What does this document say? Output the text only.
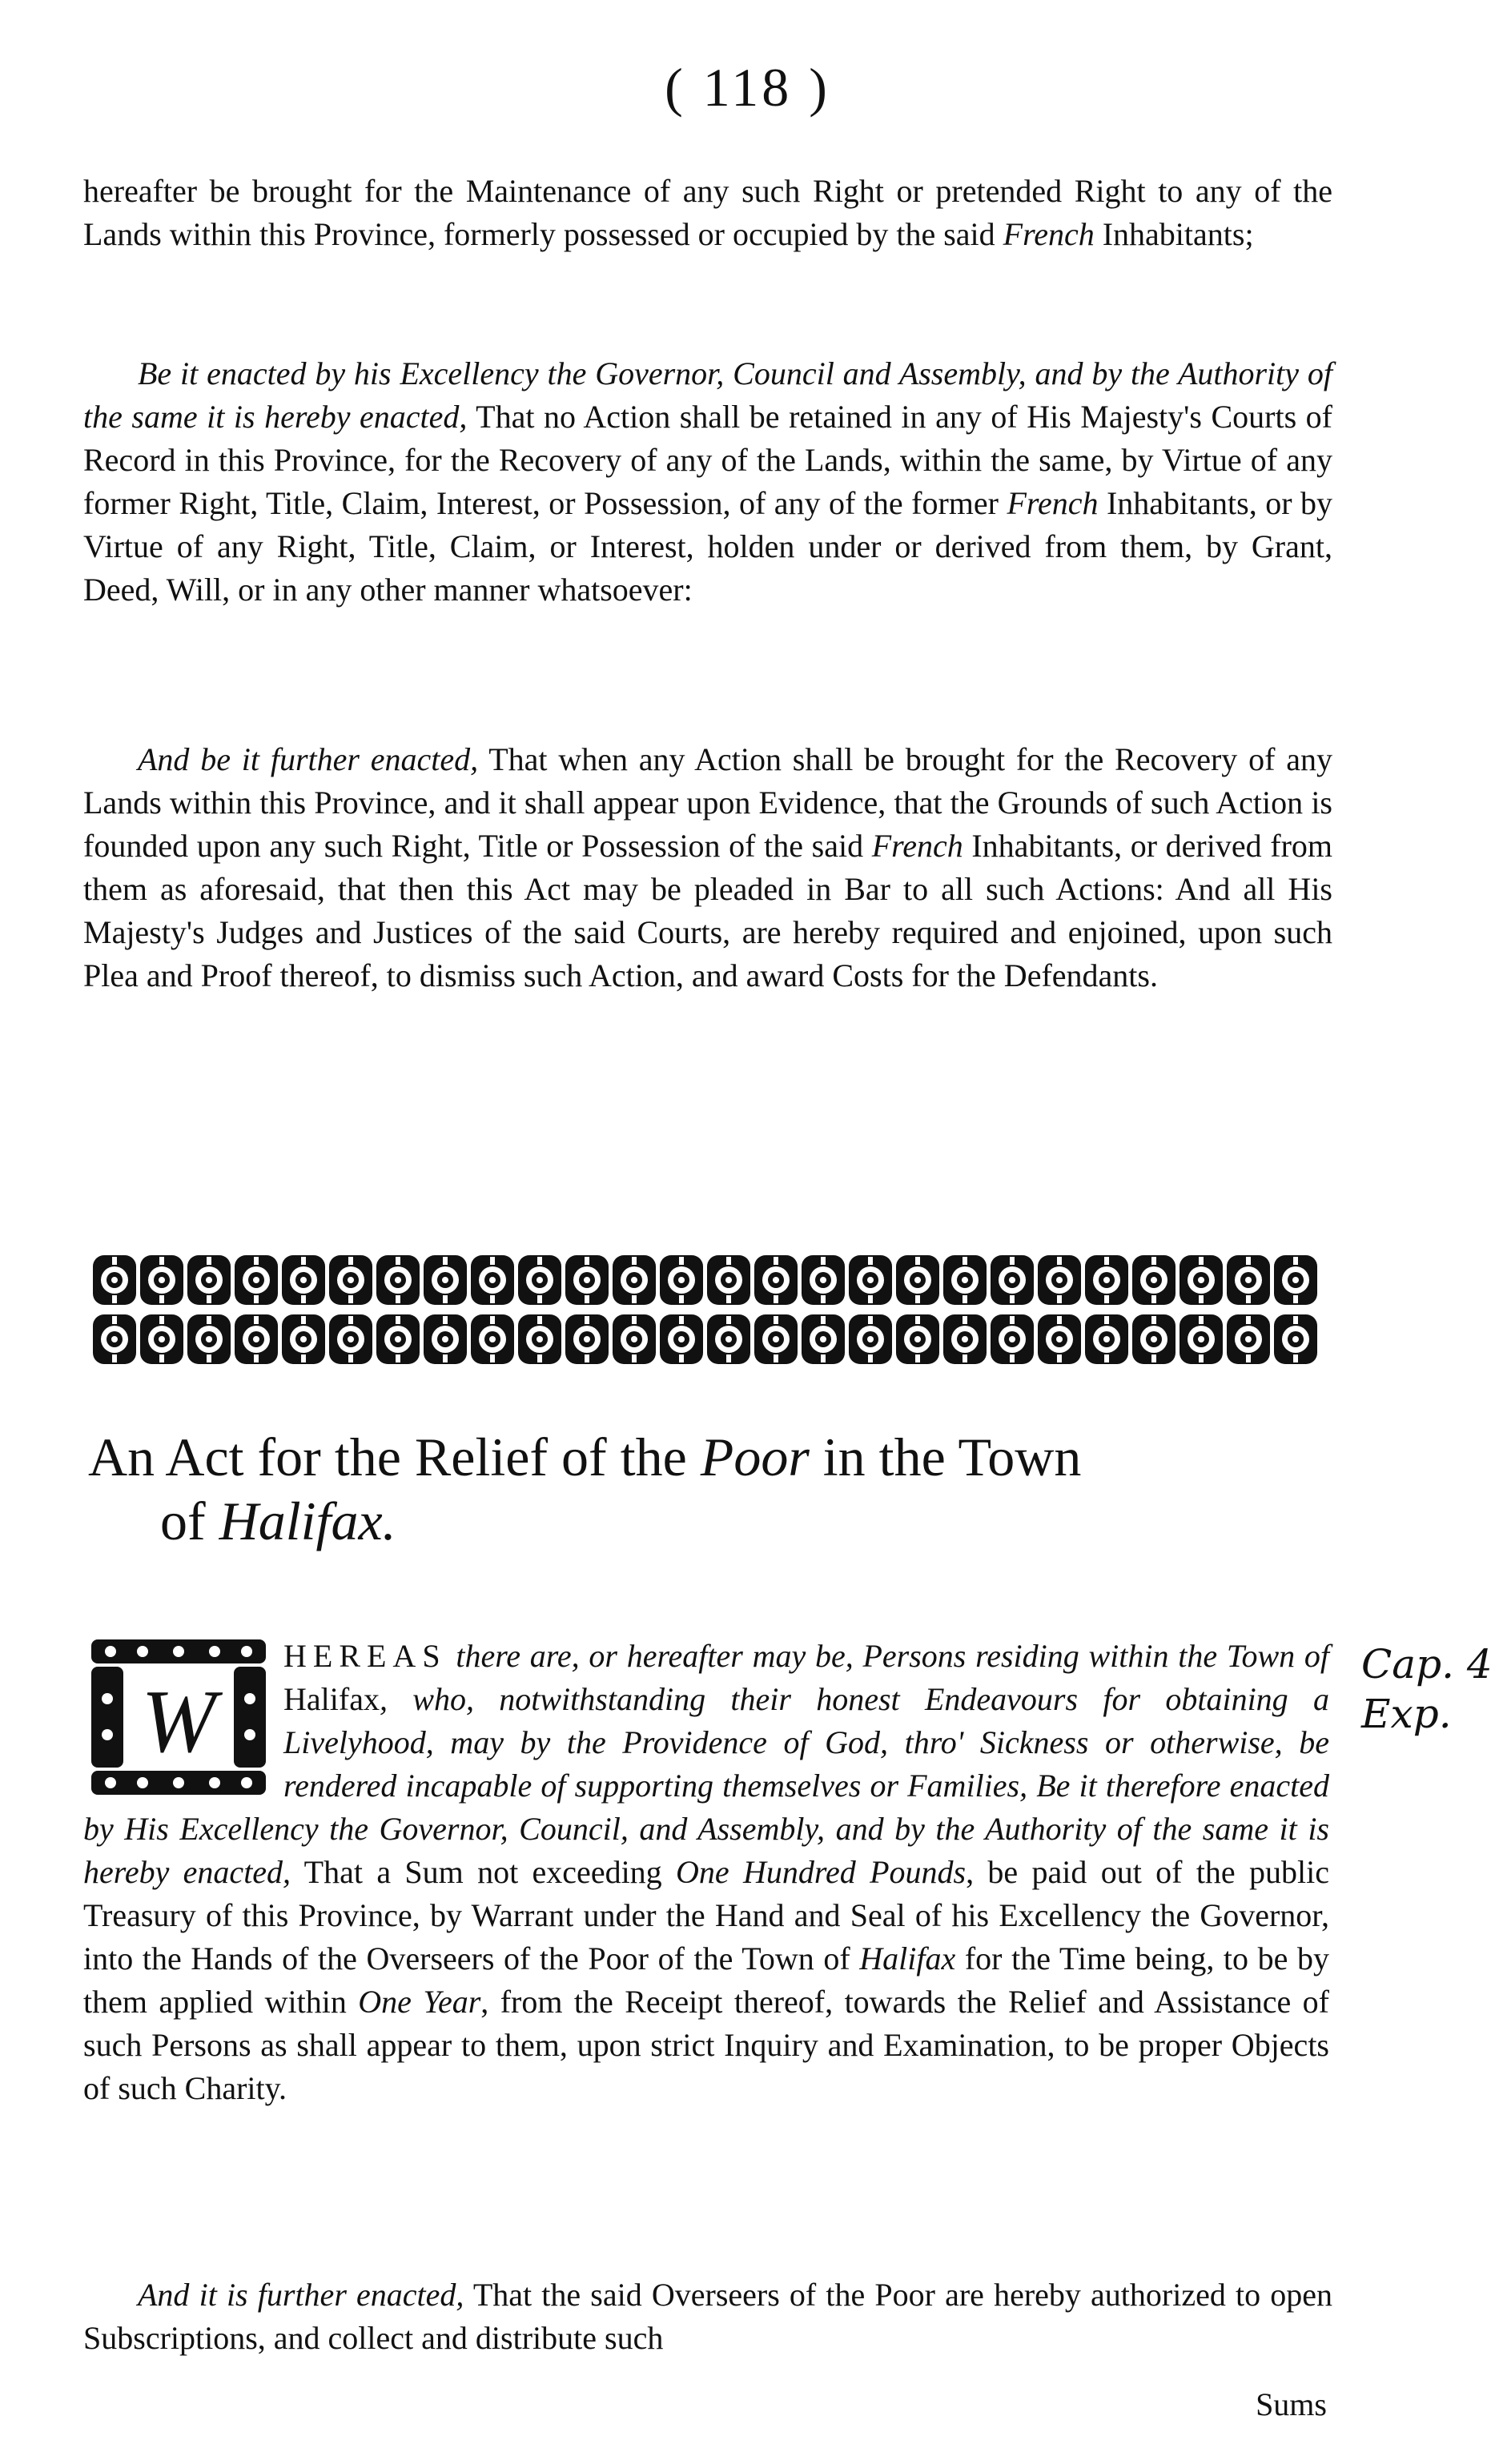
( 118 )
hereafter be brought for the Maintenance of any such Right or pretended Right to any of the Lands within this Province, formerly possessed or occupied by the said French Inhabitants;
Be it enacted by his Excellency the Governor, Council and Assembly, and by the Authority of the same it is hereby enacted, That no Action shall be retained in any of His Majesty's Courts of Record in this Province, for the Recovery of any of the Lands, within the same, by Virtue of any former Right, Title, Claim, Interest, or Possession, of any of the former French Inhabitants, or by Virtue of any Right, Title, Claim, or Interest, holden under or derived from them, by Grant, Deed, Will, or in any other manner whatsoever:
And be it further enacted, That when any Action shall be brought for the Recovery of any Lands within this Province, and it shall appear upon Evidence, that the Grounds of such Action is founded upon any such Right, Title or Possession of the said French Inhabitants, or derived from them as aforesaid, that then this Act may be pleaded in Bar to all such Actions: And all His Majesty's Judges and Justices of the said Courts, are hereby required and enjoined, upon such Plea and Proof thereof, to dismiss such Action, and award Costs for the Defendants.
An Act for the Relief of the Poor in the Town
of Halifax.
W
Cap. 4
Exp.
HEREAS there are, or hereafter may be, Persons residing within the Town of Halifax, who, notwithstanding their honest Endeavours for obtaining a Livelyhood, may by the Providence of God, thro' Sickness or otherwise, be rendered incapable of supporting themselves or Families, Be it therefore enacted by His Excellency the Governor, Council, and Assembly, and by the Authority of the same it is hereby enacted, That a Sum not exceeding One Hundred Pounds, be paid out of the public Treasury of this Province, by Warrant under the Hand and Seal of his Excellency the Governor, into the Hands of the Overseers of the Poor of the Town of Halifax for the Time being, to be by them applied within One Year, from the Receipt thereof, towards the Relief and Assistance of such Persons as shall appear to them, upon strict Inquiry and Examination, to be proper Objects of such Charity.
And it is further enacted, That the said Overseers of the Poor are hereby authorized to open Subscriptions, and collect and distribute such
Sums
